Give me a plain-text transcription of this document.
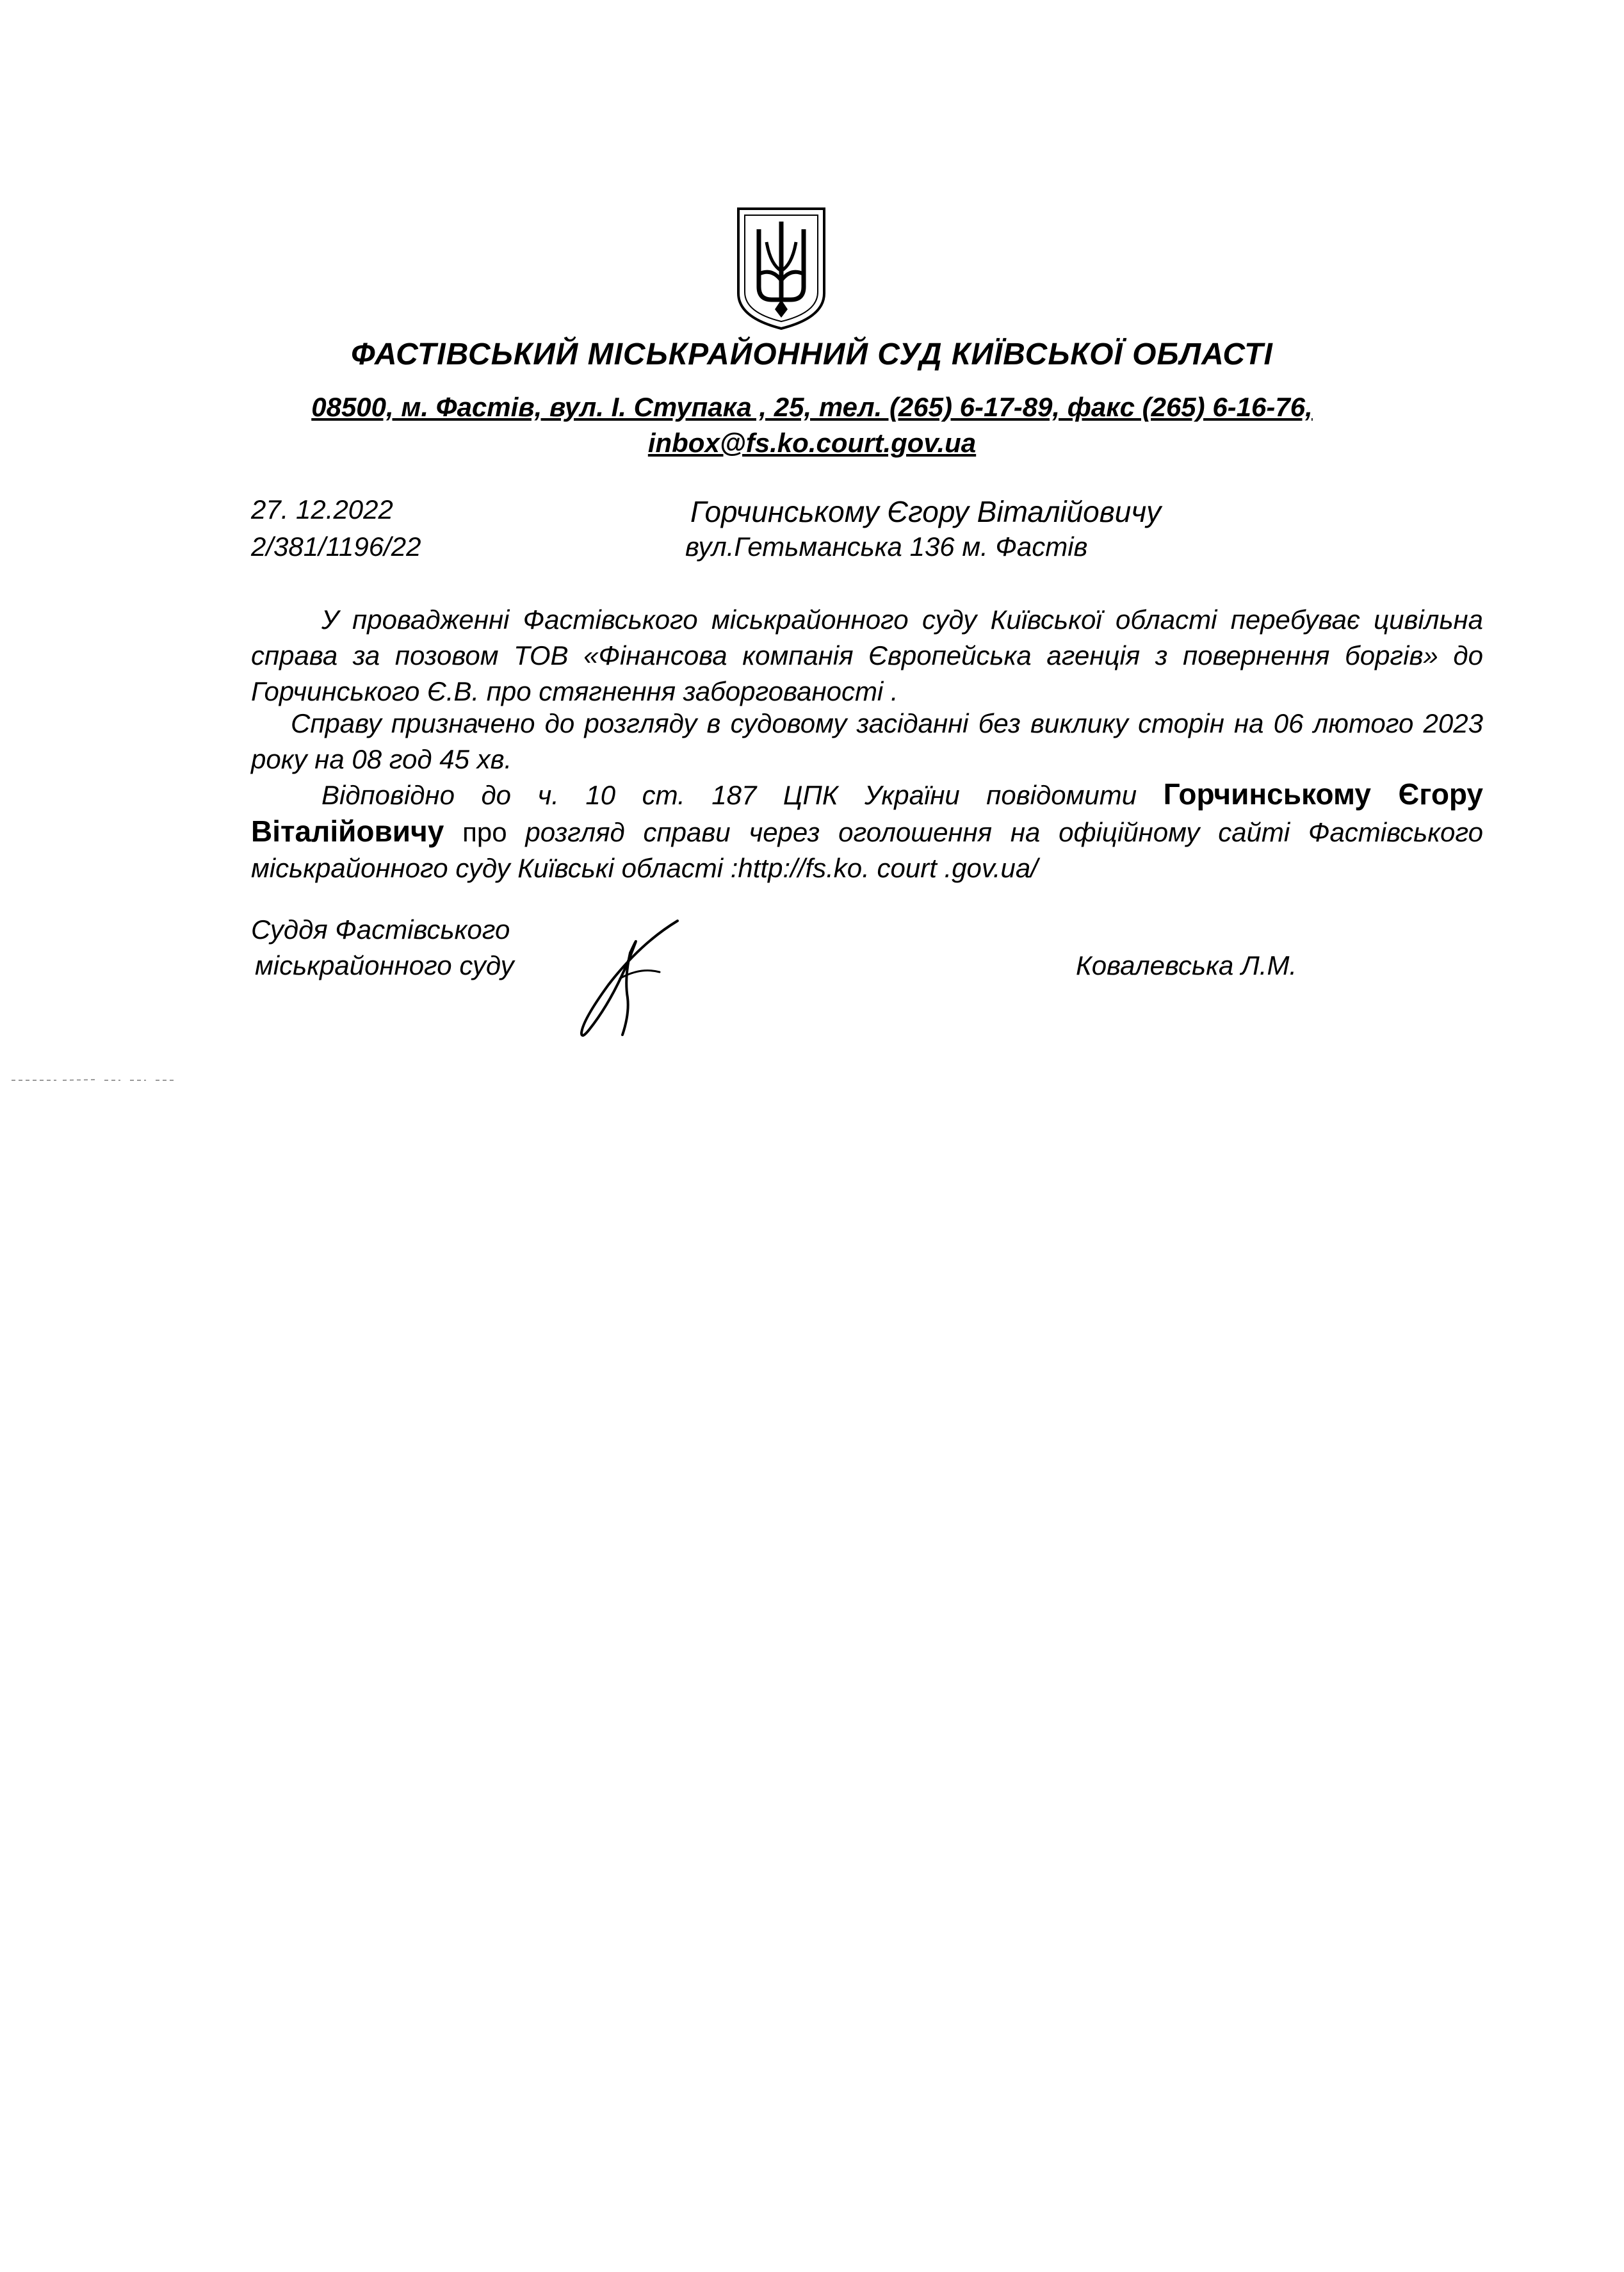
ФАСТІВСЬКИЙ МІСЬКРАЙОННИЙ СУД КИЇВСЬКОЇ ОБЛАСТІ
08500, м. Фастів, вул. І. Ступака , 25, тел. (265) 6-17-89, факс (265) 6-16-76,
inbox@fs.ko.court.gov.ua
27. 12.2022
2/381/1196/22
Горчинському Єгору Віталійовичу
вул.Гетьманська 136 м. Фастів
У провадженні Фастівського міськрайонного суду Київської області перебуває цивільна справа за позовом ТОВ «Фінансова компанія Європейська агенція з повернення боргів» до Горчинського Є.В. про стягнення заборгованості .
Справу призначено до розгляду в судовому засіданні без виклику сторін на 06 лютого 2023 року на 08 год 45 хв.
Відповідно до ч. 10 ст. 187 ЦПК України повідомити Горчинському Єгору Віталійовичу про розгляд справи через оголошення на офіційному сайті Фастівського міськрайонного суду Київські області :http://fs.ko. court .gov.ua/
Суддя Фастівського
міськрайонного суду	Ковалевська Л.М.
